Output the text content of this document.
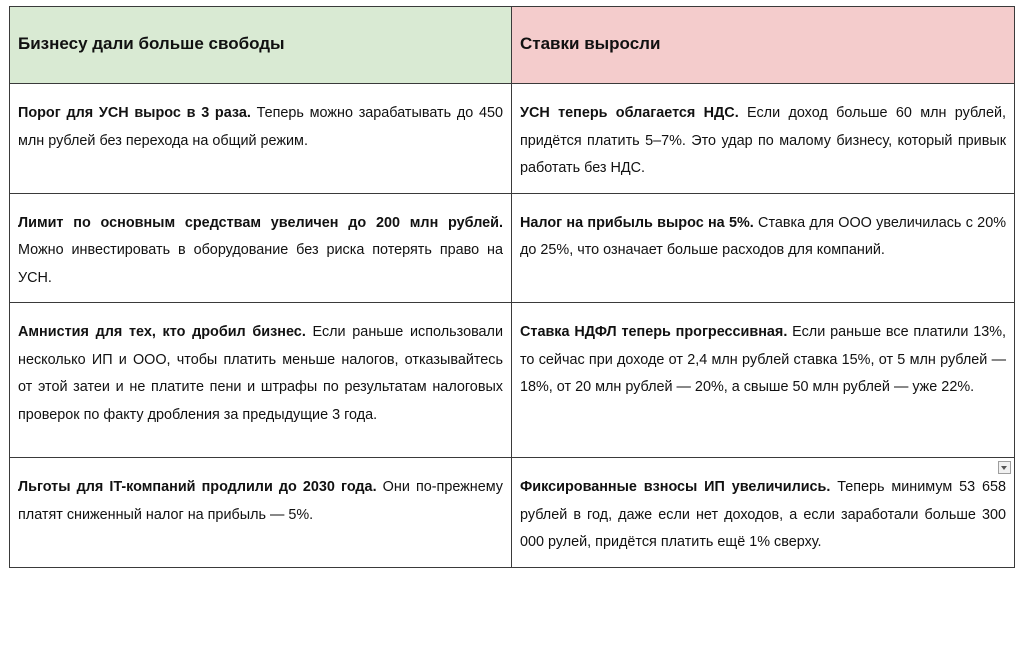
Бизнесу дали больше свободы	Ставки выросли

Порог для УСН вырос в 3 раза. Теперь можно зарабатывать до 450 млн рублей без перехода на общий режим.	УСН теперь облагается НДС. Если доход больше 60 млн рублей, придётся платить 5–7%. Это удар по малому бизнесу, который привык работать без НДС.

Лимит по основным средствам увеличен до 200 млн рублей. Можно инвестировать в оборудование без риска потерять право на УСН.	Налог на прибыль вырос на 5%. Ставка для ООО увеличилась с 20% до 25%, что означает больше расходов для компаний.

Амнистия для тех, кто дробил бизнес. Если раньше использовали несколько ИП и ООО, чтобы платить меньше налогов, отказывайтесь от этой затеи и не платите пени и штрафы по результатам налоговых проверок по факту дробления за предыдущие 3 года.	Ставка НДФЛ теперь прогрессивная. Если раньше все платили 13%, то сейчас при доходе от 2,4 млн рублей ставка 15%, от 5 млн рублей — 18%, от 20 млн рублей — 20%, а свыше 50 млн рублей — уже 22%.

Льготы для IT-компаний продлили до 2030 года. Они по-прежнему платят сниженный налог на прибыль — 5%.	Фиксированные взносы ИП увеличились. Теперь минимум 53 658 рублей в год, даже если нет доходов, а если заработали больше 300 000 рулей, придётся платить ещё 1% сверху.
